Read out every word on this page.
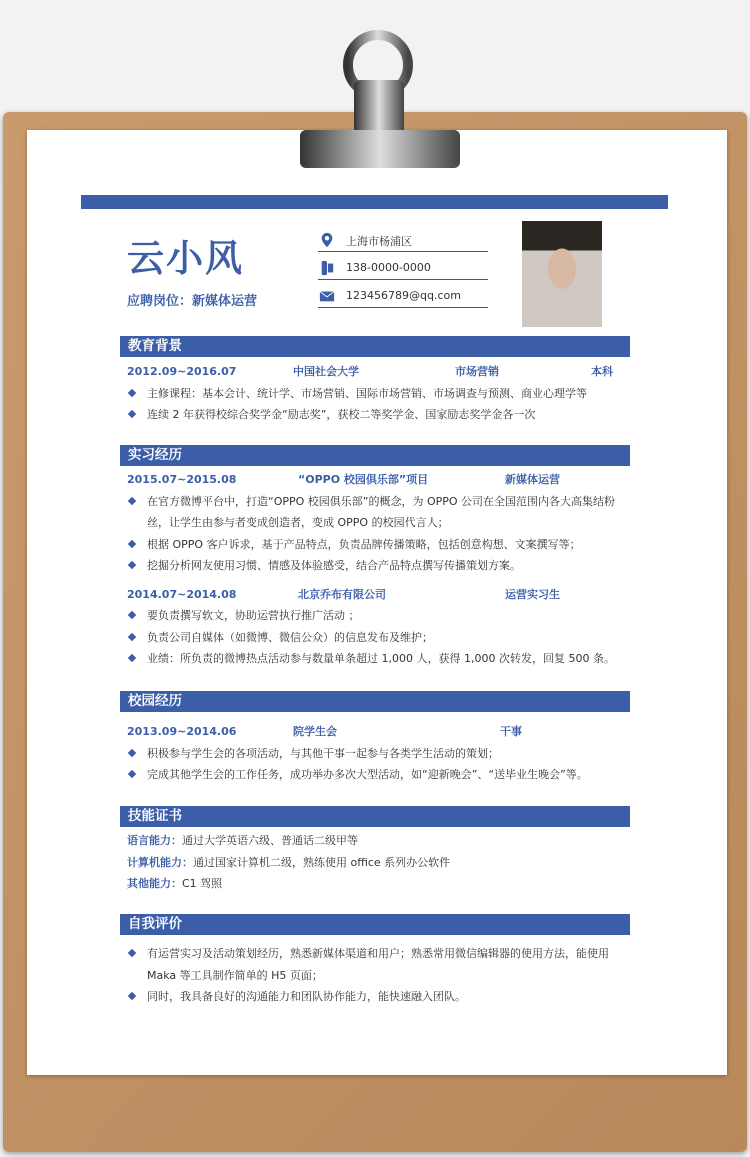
云小风
应聘岗位：新媒体运营
上海市杨浦区
138-0000-0000
123456789@qq.com
教育背景
2012.09~2016.07	中国社会大学	市场营销	本科
主修课程：基本会计、统计学、市场营销、国际市场营销、市场调查与预测、商业心理学等
连续 2 年获得校综合奖学金“励志奖”，获校二等奖学金、国家励志奖学金各一次
实习经历
2015.07~2015.08	“OPPO 校园俱乐部”项目	新媒体运营
在官方微博平台中，打造“OPPO 校园俱乐部”的概念，为 OPPO 公司在全国范围内各大高集结粉丝，让学生由参与者变成创造者，变成 OPPO 的校园代言人；
根据 OPPO 客户诉求，基于产品特点，负责品牌传播策略，包括创意构想、文案撰写等；
挖掘分析网友使用习惯、情感及体验感受，结合产品特点撰写传播策划方案。
2014.07~2014.08	北京乔布有限公司	运营实习生
要负责撰写软文，协助运营执行推广活动 ；
负责公司自媒体（如微博、微信公众）的信息发布及维护；
业绩：所负责的微博热点活动参与数量单条超过 1,000 人，获得 1,000 次转发，回复 500 条。
校园经历
2013.09~2014.06	院学生会	干事
积极参与学生会的各项活动，与其他干事一起参与各类学生活动的策划；
完成其他学生会的工作任务，成功举办多次大型活动，如“迎新晚会”、“送毕业生晚会”等。
技能证书
语言能力：通过大学英语六级、普通话二级甲等
计算机能力：通过国家计算机二级，熟练使用 office 系列办公软件
其他能力：C1 驾照
自我评价
有运营实习及活动策划经历，熟悉新媒体渠道和用户；熟悉常用微信编辑器的使用方法，能使用 Maka 等工具制作简单的 H5 页面；
同时，我具备良好的沟通能力和团队协作能力，能快速融入团队。
